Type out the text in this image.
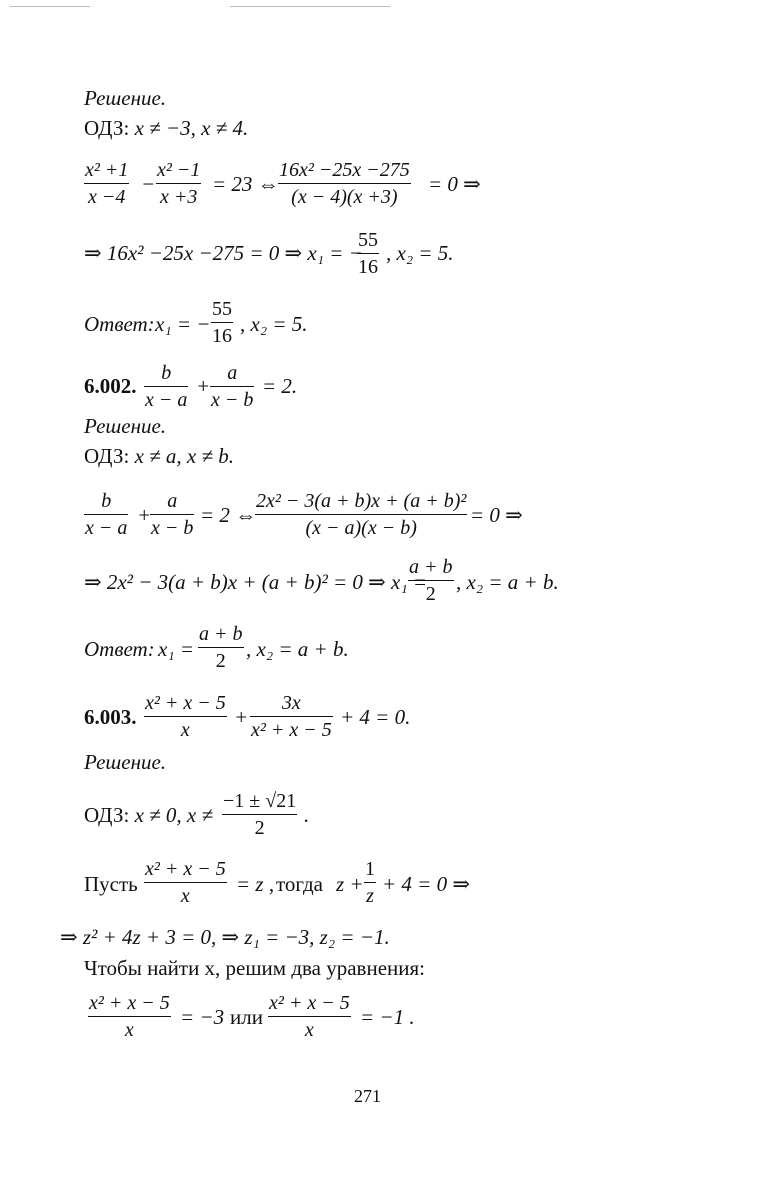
Решение.
ОДЗ: x ≠ −3, x ≠ 4.
$\frac{\text{x² +1}}{x -4} - \frac{\text{x² −1}}{x +3} = 23$ ⇔ $\frac{\text{16x² −25x −275}}{(x - 4)(x +3)} = 0$ ⇒
⇒ 16x² −25x −275 = 0 ⇒ x₁ = −
$\frac{55}{16}$ , x₂ = 5.
Ответ: x₁ = − $\frac{55}{16}$ , x₂ = 5.
6.002. $\frac{b}{x - a} + \frac{a}{x - b} = 2$.
Решение.
ОДЗ: x ≠ a, x ≠ b.
$\frac{b}{x - a}$ +
$\frac{a}{x - b} = 2$ ⇔
$\frac{\text{2x² − 3(a + b)x + (a + b)²}}{(x - a)(x - b)} = 0$ ⇒
⇒ 2x² − 3(a + b)x + (a + b)² = 0 ⇒ x₁ =
$\frac{a + b}{2}$ , x₂ = a + b.
Ответ: $x_1 = \frac{a + b}{2}$ , x₂ = a + b.
6.003. $\frac{\text{x² + x − 5}}{x} + \frac{3x}{\text{x² + x − 5}} + 4 = 0$.
Решение.
ОДЗ: x ≠ 0, $x \ne \frac{-1 \pm √21}{2}$ .
Пусть $\frac{\text{x² + x − 5}}{x} = z$ , тогда $z + \frac{1}{z} + 4 = 0$ ⇒
⇒ z² + 4z + 3 = 0, ⇒ z₁ = −3, z₂ = −1.
Чтобы найти x, решим два уравнения:
$\frac{\text{x² + x − 5}}{x} = -3$ или $\frac{\text{x² + x − 5}}{x} = -1$ .
271
